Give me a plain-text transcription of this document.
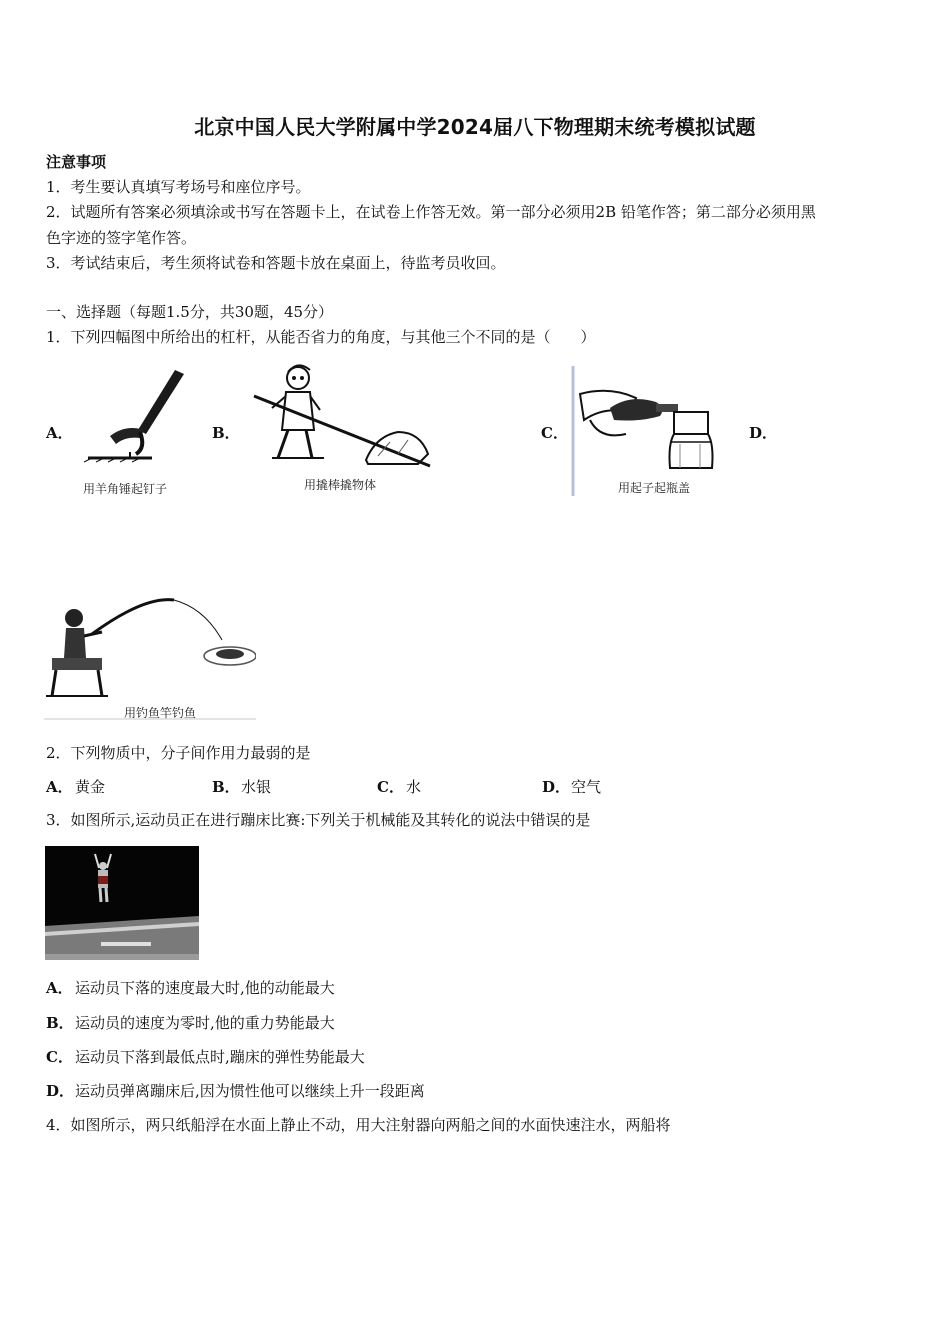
北京中国人民大学附属中学2024届八下物理期末统考模拟试题
注意事项
1．考生要认真填写考场号和座位序号。
2．试题所有答案必须填涂或书写在答题卡上，在试卷上作答无效。第一部分必须用2B 铅笔作答；第二部分必须用黑
色字迹的签字笔作答。
3．考试结束后，考生须将试卷和答题卡放在桌面上，待监考员收回。
一、选择题（每题1.5分，共30题，45分）
1．下列四幅图中所给出的杠杆，从能否省力的角度，与其他三个不同的是（　　）
A．
用羊角锤起钉子
B．
用撬棒撬物体
C．
用起子起瓶盖
D．
用钓鱼竿钓鱼
2．下列物质中，分子间作用力最弱的是
A． 黄金	B． 水银	C． 水	D． 空气
3．如图所示,运动员正在进行蹦床比赛:下列关于机械能及其转化的说法中错误的是
A． 运动员下落的速度最大时,他的动能最大
B． 运动员的速度为零时,他的重力势能最大
C． 运动员下落到最低点时,蹦床的弹性势能最大
D． 运动员弹离蹦床后,因为惯性他可以继续上升一段距离
4．如图所示，两只纸船浮在水面上静止不动，用大注射器向两船之间的水面快速注水，两船将
